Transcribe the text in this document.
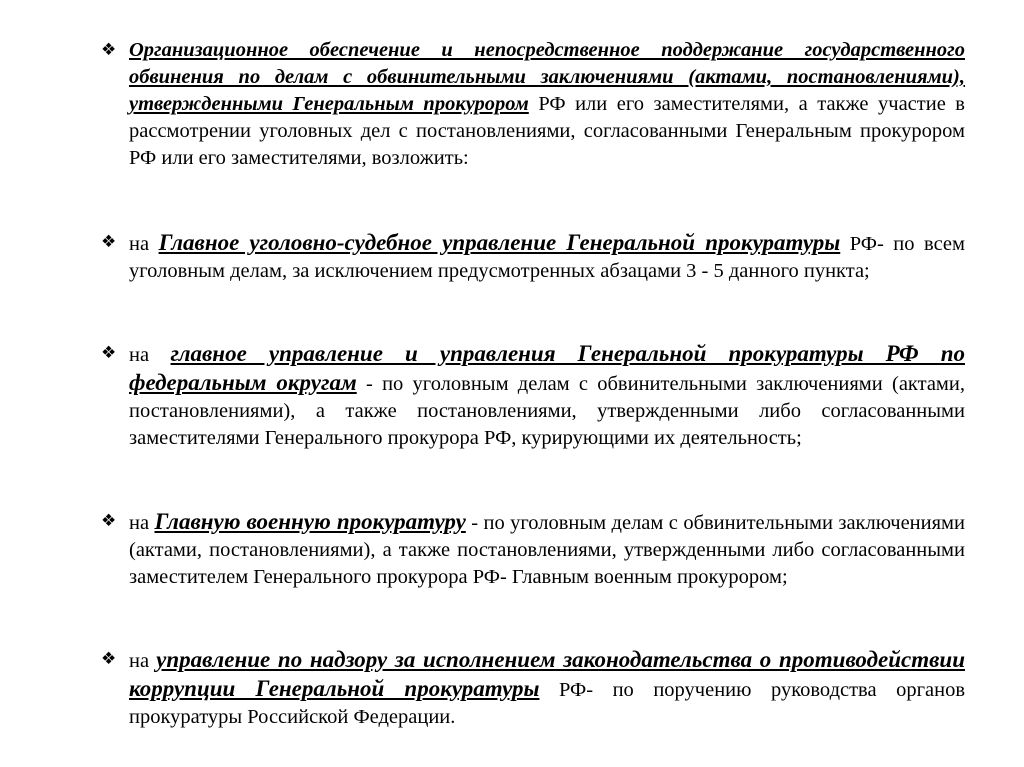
❖ Организационное обеспечение и непосредственное поддержание государственного обвинения по делам с обвинительными заключениями (актами, постановлениями), утвержденными Генеральным прокурором РФ или его заместителями, а также участие в рассмотрении уголовных дел с постановлениями, согласованными Генеральным прокурором РФ или его заместителями, возложить:
❖ на Главное уголовно-судебное управление Генеральной прокуратуры РФ- по всем уголовным делам, за исключением предусмотренных абзацами 3 - 5 данного пункта;
❖ на главное управление и управления Генеральной прокуратуры РФ по федеральным округам - по уголовным делам с обвинительными заключениями (актами, постановлениями), а также постановлениями, утвержденными либо согласованными заместителями Генерального прокурора РФ, курирующими их деятельность;
❖ на Главную военную прокуратуру - по уголовным делам с обвинительными заключениями (актами, постановлениями), а также постановлениями, утвержденными либо согласованными заместителем Генерального прокурора РФ- Главным военным прокурором;
❖ на управление по надзору за исполнением законодательства о противодействии коррупции Генеральной прокуратуры РФ- по поручению руководства органов прокуратуры Российской Федерации.
